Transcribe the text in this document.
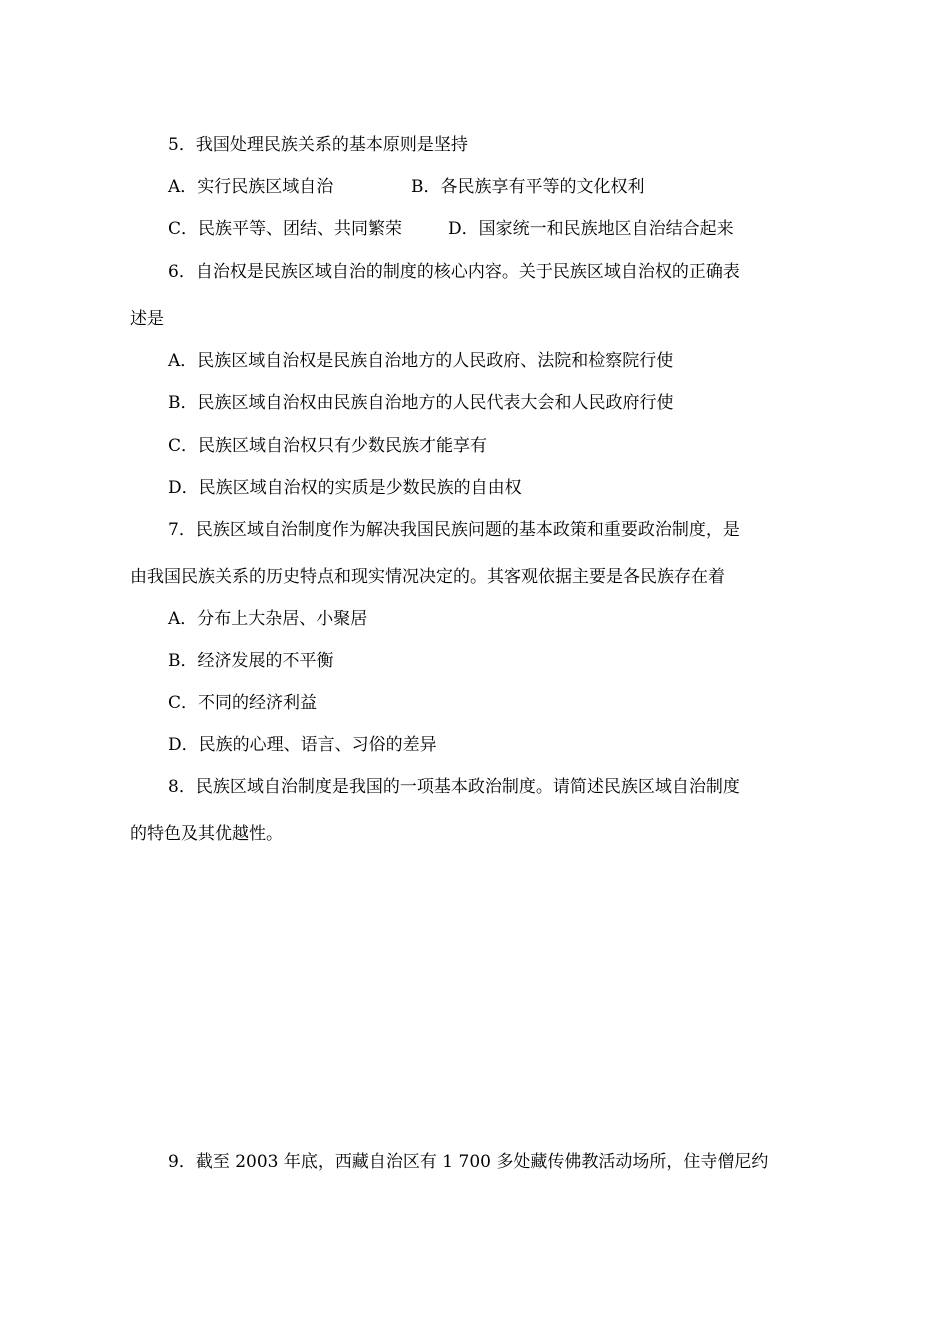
5．我国处理民族关系的基本原则是坚持
A．实行民族区域自治	B．各民族享有平等的文化权利
C．民族平等、团结、共同繁荣	D．国家统一和民族地区自治结合起来
6．自治权是民族区域自治的制度的核心内容。关于民族区域自治权的正确表
述是
A．民族区域自治权是民族自治地方的人民政府、法院和检察院行使
B．民族区域自治权由民族自治地方的人民代表大会和人民政府行使
C．民族区域自治权只有少数民族才能享有
D．民族区域自治权的实质是少数民族的自由权
7．民族区域自治制度作为解决我国民族问题的基本政策和重要政治制度，是
由我国民族关系的历史特点和现实情况决定的。其客观依据主要是各民族存在着
A．分布上大杂居、小聚居
B．经济发展的不平衡
C．不同的经济利益
D．民族的心理、语言、习俗的差异
8．民族区域自治制度是我国的一项基本政治制度。请简述民族区域自治制度
的特色及其优越性。
9．截至 2003 年底，西藏自治区有 1 700 多处藏传佛教活动场所，住寺僧尼约
